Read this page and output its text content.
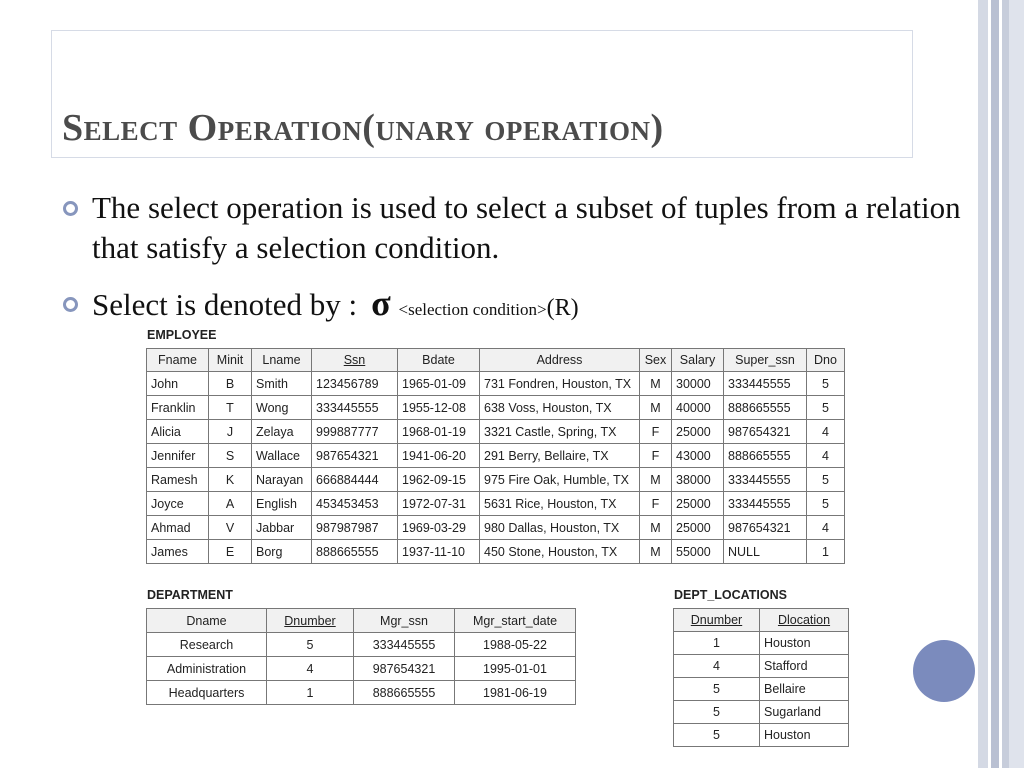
Select Operation(unary operation)
The select operation is used to select a subset of tuples from a relation that satisfy a selection condition.
Select is denoted by : σ <selection condition>(R)
EMPLOYEE
Fname	Minit	Lname	Ssn	Bdate	Address	Sex	Salary	Super_ssn	Dno
John	B	Smith	123456789	1965-01-09	731 Fondren, Houston, TX	M	30000	333445555	5
Franklin	T	Wong	333445555	1955-12-08	638 Voss, Houston, TX	M	40000	888665555	5
Alicia	J	Zelaya	999887777	1968-01-19	3321 Castle, Spring, TX	F	25000	987654321	4
Jennifer	S	Wallace	987654321	1941-06-20	291 Berry, Bellaire, TX	F	43000	888665555	4
Ramesh	K	Narayan	666884444	1962-09-15	975 Fire Oak, Humble, TX	M	38000	333445555	5
Joyce	A	English	453453453	1972-07-31	5631 Rice, Houston, TX	F	25000	333445555	5
Ahmad	V	Jabbar	987987987	1969-03-29	980 Dallas, Houston, TX	M	25000	987654321	4
James	E	Borg	888665555	1937-11-10	450 Stone, Houston, TX	M	55000	NULL	1
DEPARTMENT
Dname	Dnumber	Mgr_ssn	Mgr_start_date
Research	5	333445555	1988-05-22
Administration	4	987654321	1995-01-01
Headquarters	1	888665555	1981-06-19
DEPT_LOCATIONS
Dnumber	Dlocation
1	Houston
4	Stafford
5	Bellaire
5	Sugarland
5	Houston
